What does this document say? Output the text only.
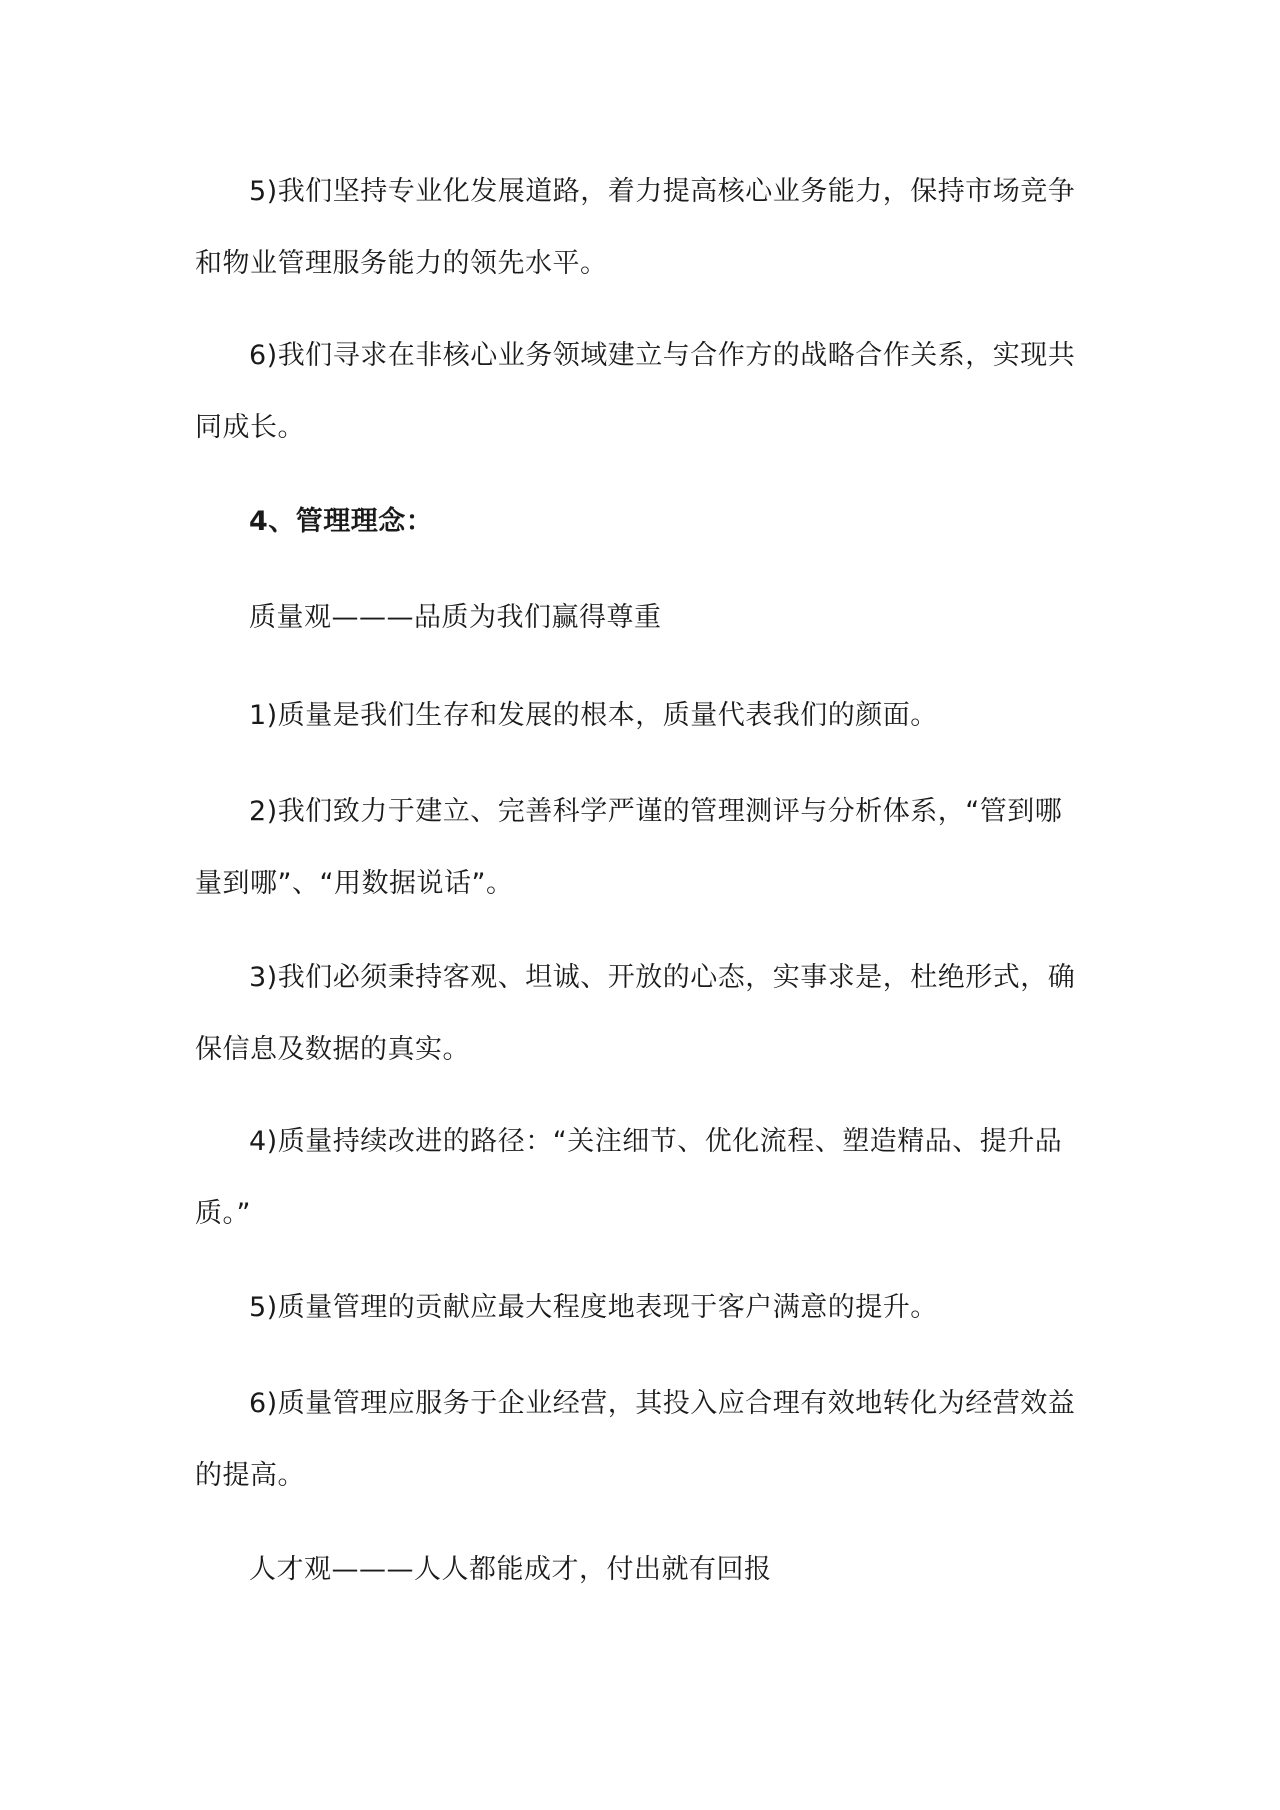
5)我们坚持专业化发展道路，着力提高核心业务能力，保持市场竞争和物业管理服务能力的领先水平。

6)我们寻求在非核心业务领域建立与合作方的战略合作关系，实现共同成长。

4、管理理念：

质量观———品质为我们赢得尊重

1)质量是我们生存和发展的根本，质量代表我们的颜面。

2)我们致力于建立、完善科学严谨的管理测评与分析体系，“管到哪量到哪”、“用数据说话”。

3)我们必须秉持客观、坦诚、开放的心态，实事求是，杜绝形式，确保信息及数据的真实。

4)质量持续改进的路径：“关注细节、优化流程、塑造精品、提升品质。”

5)质量管理的贡献应最大程度地表现于客户满意的提升。

6)质量管理应服务于企业经营，其投入应合理有效地转化为经营效益的提高。

人才观———人人都能成才，付出就有回报
